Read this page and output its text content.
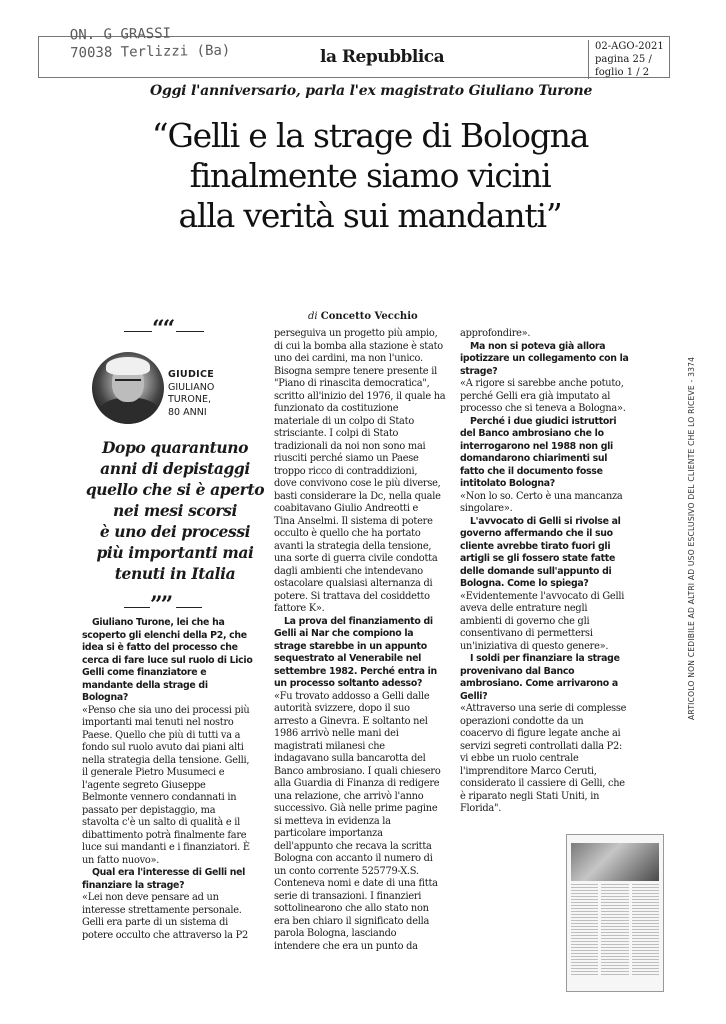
ON. G GRASSI
70038 Terlizzi (Ba)	la Repubblica
02-AGO-2021
pagina 25 /
foglio 1 / 2
Oggi l'anniversario, parla l'ex magistrato Giuliano Turone
“Gelli e la strage di Bologna
finalmente siamo vicini
alla verità sui mandanti”
di Concetto Vecchio
““
GIUDICE
GIULIANO
TURONE,
80 ANNI
Dopo quarantuno
anni di depistaggi
quello che si è aperto
nei mesi scorsi
è uno dei processi
più importanti mai
tenuti in Italia
””

Giuliano Turone, lei che ha

scoperto gli elenchi della P2, che

idea si è fatto del processo che

cerca di fare luce sul ruolo di Licio

Gelli come finanziatore e

mandante della strage di

Bologna?

«Penso che sia uno dei processi più

importanti mai tenuti nel nostro

Paese. Quello che più di tutti va a

fondo sul ruolo avuto dai piani alti

nella strategia della tensione. Gelli,

il generale Pietro Musumeci e

l'agente segreto Giuseppe

Belmonte vennero condannati in

passato per depistaggio, ma

stavolta c'è un salto di qualità e il

dibattimento potrà finalmente fare

luce sui mandanti e i finanziatori. È

un fatto nuovo».

Qual era l'interesse di Gelli nel

finanziare la strage?

«Lei non deve pensare ad un

interesse strettamente personale.

Gelli era parte di un sistema di

potere occulto che attraverso la P2

perseguiva un progetto più ampio,

di cui la bomba alla stazione è stato

uno dei cardini, ma non l'unico.

Bisogna sempre tenere presente il

"Piano di rinascita democratica",

scritto all'inizio del 1976, il quale ha

funzionato da costituzione

materiale di un colpo di Stato

strisciante. I colpi di Stato

tradizionali da noi non sono mai

riusciti perché siamo un Paese

troppo ricco di contraddizioni,

dove convivono cose le più diverse,

basti considerare la Dc, nella quale

coabitavano Giulio Andreotti e

Tina Anselmi. Il sistema di potere

occulto è quello che ha portato

avanti la strategia della tensione,

una sorte di guerra civile condotta

dagli ambienti che intendevano

ostacolare qualsiasi alternanza di

potere. Si trattava del cosiddetto

fattore K».

La prova del finanziamento di

Gelli ai Nar che compiono la

strage starebbe in un appunto

sequestrato al Venerabile nel

settembre 1982. Perché entra in

un processo soltanto adesso?

«Fu trovato addosso a Gelli dalle

autorità svizzere, dopo il suo

arresto a Ginevra. E soltanto nel

1986 arrivò nelle mani dei

magistrati milanesi che

indagavano sulla bancarotta del

Banco ambrosiano. I quali chiesero

alla Guardia di Finanza di redigere

una relazione, che arrivò l'anno

successivo. Già nelle prime pagine

si metteva in evidenza la

particolare importanza

dell'appunto che recava la scritta

Bologna con accanto il numero di

un conto corrente 525779-X.S.

Conteneva nomi e date di una fitta

serie di transazioni. I finanzieri

sottolinearono che allo stato non

era ben chiaro il significato della

parola Bologna, lasciando

intendere che era un punto da

approfondire».

Ma non si poteva già allora

ipotizzare un collegamento con la

strage?

«A rigore si sarebbe anche potuto,

perché Gelli era già imputato al

processo che si teneva a Bologna».

Perché i due giudici istruttori

del Banco ambrosiano che lo

interrogarono nel 1988 non gli

domandarono chiarimenti sul

fatto che il documento fosse

intitolato Bologna?

«Non lo so. Certo è una mancanza

singolare».

L'avvocato di Gelli si rivolse al

governo affermando che il suo

cliente avrebbe tirato fuori gli

artigli se gli fossero state fatte

delle domande sull'appunto di

Bologna. Come lo spiega?

«Evidentemente l'avvocato di Gelli

aveva delle entrature negli

ambienti di governo che gli

consentivano di permettersi

un'iniziativa di questo genere».

I soldi per finanziare la strage

provenivano dal Banco

ambrosiano. Come arrivarono a

Gelli?

«Attraverso una serie di complesse

operazioni condotte da un

coacervo di figure legate anche ai

servizi segreti controllati dalla P2:

vi ebbe un ruolo centrale

l'imprenditore Marco Ceruti,

considerato il cassiere di Gelli, che

è riparato negli Stati Uniti, in

Florida".

ARTICOLO NON CEDIBILE AD ALTRI AD USO ESCLUSIVO DEL CLIENTE CHE LO RICEVE - 3374
